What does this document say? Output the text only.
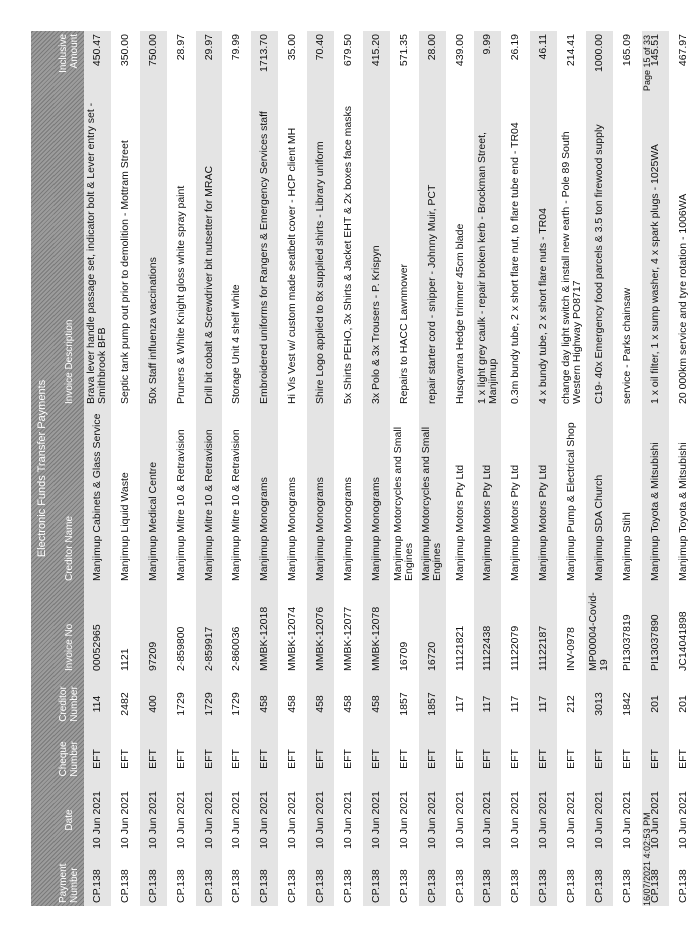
Electronic Funds Transfer Payments
Payment Number
Date
Cheque Number
Creditor Number
Invoice No
Creditor Name
Invoice Description
Inclusive Amount
CP.138
10 Jun 2021
EFT
114
00052965
Manjimup Cabinets & Glass Service
Brava lever handle passage set, indicator bolt & Lever entry set - Smithbrook BFB
450.47
CP.138
10 Jun 2021
EFT
2482
1121
Manjimup Liquid Waste
Septic tank pump out prior to demolition - Mottram Street
350.00
CP.138
10 Jun 2021
EFT
400
97209
Manjimup Medical Centre
50x Staff influenza vaccinations
750.00
CP.138
10 Jun 2021
EFT
1729
2-859800
Manjimup Mitre 10 & Retravision
Pruners & White Knight gloss white spray paint
28.97
CP.138
10 Jun 2021
EFT
1729
2-859917
Manjimup Mitre 10 & Retravision
Drill bit cobalt & Screwdriver bit nutsetter for MRAC
29.97
CP.138
10 Jun 2021
EFT
1729
2-860036
Manjimup Mitre 10 & Retravision
Storage Unit 4 shelf white
79.99
CP.138
10 Jun 2021
EFT
458
MMBK-12018
Manjimup Monograms
Embroidered uniforms for Rangers & Emergency Services staff
1713.70
CP.138
10 Jun 2021
EFT
458
MMBK-12074
Manjimup Monograms
Hi Vis Vest w/ custom made seatbelt cover - HCP client MH
35.00
CP.138
10 Jun 2021
EFT
458
MMBK-12076
Manjimup Monograms
Shire Logo applied to 8x supplied shirts - Library uniform
70.40
CP.138
10 Jun 2021
EFT
458
MMBK-12077
Manjimup Monograms
5x Shirts PEHO, 3x Shirts & Jacket EHT & 2x boxes face masks
679.50
CP.138
10 Jun 2021
EFT
458
MMBK-12078
Manjimup Monograms
3x Polo & 3x Trousers - P. Krispyn
415.20
CP.138
10 Jun 2021
EFT
1857
16709
Manjimup Motorcycles and Small Engines
Repairs to HACC Lawnmower
571.35
CP.138
10 Jun 2021
EFT
1857
16720
Manjimup Motorcycles and Small Engines
repair starter cord - snipper - Johnny Muir, PCT
28.00
CP.138
10 Jun 2021
EFT
117
11121821
Manjimup Motors Pty Ltd
Husqvarna Hedge trimmer 45cm blade
439.00
CP.138
10 Jun 2021
EFT
117
11122438
Manjimup Motors Pty Ltd
1 x light grey caulk - repair broken kerb - Brockman Street, Manjimup
9.99
CP.138
10 Jun 2021
EFT
117
11122079
Manjimup Motors Pty Ltd
0.3m bundy tube, 2 x short flare nut, to flare tube end - TR04
26.19
CP.138
10 Jun 2021
EFT
117
11122187
Manjimup Motors Pty Ltd
4 x bundy tube, 2 x short flare nuts - TR04
46.11
CP.138
10 Jun 2021
EFT
212
INV-0978
Manjimup Pump & Electrical Shop
change day light switch & install new earth - Pole 89 South Western Highway PO8717
214.41
CP.138
10 Jun 2021
EFT
3013
MP00004-Covid-19
Manjimup SDA Church
C19- 40x Emergency food parcels & 3.5 ton firewood supply
1000.00
CP.138
10 Jun 2021
EFT
1842
PI13037819
Manjimup Stihl
service - Parks chainsaw
165.09
CP.138
10 Jun 2021
EFT
201
PI13037890
Manjimup Toyota & Mitsubishi
1 x oil filter, 1 x sump washer, 4 x spark plugs - 1025WA
145.51
CP.138
10 Jun 2021
EFT
201
JC14041898
Manjimup Toyota & Mitsubishi
20 000km service and tyre rotation - 1006WA
467.97
16/07/2021 4:02:53 PM
Page 15 of 33
